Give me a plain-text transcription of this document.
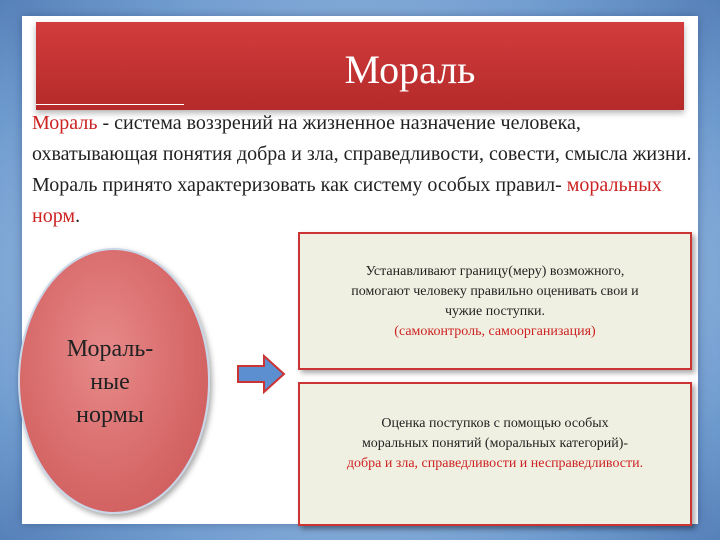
Мораль
Мораль - система воззрений на жизненное назначение человека, охватывающая понятия добра и зла, справедливости, совести, смысла жизни. Мораль принято характеризовать как систему особых правил- моральных норм.
Мораль-
ные
нормы
Устанавливают границу(меру) возможного,
помогают человеку правильно оценивать свои и
чужие поступки.
(самоконтроль, самоорганизация)
Оценка поступков с помощью особых
моральных понятий (моральных категорий)-
добра и зла, справедливости и несправедливости.
